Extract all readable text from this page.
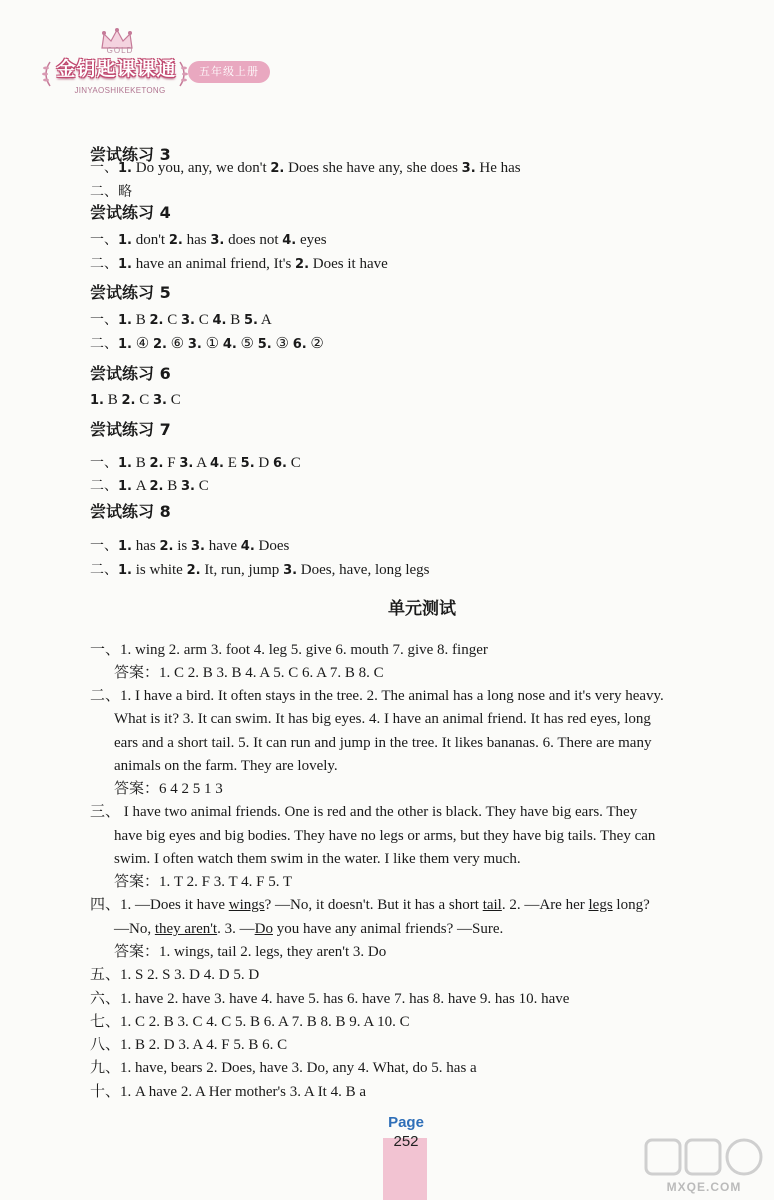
GOLD
金钥匙课课通
JINYAOSHIKEKETONG
五年级上册
尝试练习 3
一、1. Do you, any, we don't 2. Does she have any, she does 3. He has
二、略
尝试练习 4
一、1. don't 2. has 3. does not 4. eyes
二、1. have an animal friend, It's 2. Does it have
尝试练习 5
一、1. B 2. C 3. C 4. B 5. A
二、1. ④ 2. ⑥ 3. ① 4. ⑤ 5. ③ 6. ②
尝试练习 6
1. B 2. C 3. C
尝试练习 7
一、1. B 2. F 3. A 4. E 5. D 6. C
二、1. A 2. B 3. C
尝试练习 8
一、1. has 2. is 3. have 4. Does
二、1. is white 2. It, run, jump 3. Does, have, long legs
单元测试
一、1. wing 2. arm 3. foot 4. leg 5. give 6. mouth 7. give 8. finger
答案：1. C 2. B 3. B 4. A 5. C 6. A 7. B 8. C
二、1. I have a bird. It often stays in the tree. 2. The animal has a long nose and it's very heavy.
What is it? 3. It can swim. It has big eyes. 4. I have an animal friend. It has red eyes, long
ears and a short tail. 5. It can run and jump in the tree. It likes bananas. 6. There are many
animals on the farm. They are lovely.
答案：6 4 2 5 1 3
三、 I have two animal friends. One is red and the other is black. They have big ears. They
have big eyes and big bodies. They have no legs or arms, but they have big tails. They can
swim. I often watch them swim in the water. I like them very much.
答案：1. T 2. F 3. T 4. F 5. T
四、1. —Does it have wings? —No, it doesn't. But it has a short tail. 2. —Are her legs long?
—No, they aren't. 3. —Do you have any animal friends? —Sure.
答案：1. wings, tail 2. legs, they aren't 3. Do
五、1. S 2. S 3. D 4. D 5. D
六、1. have 2. have 3. have 4. have 5. has 6. have 7. has 8. have 9. has 10. have
七、1. C 2. B 3. C 4. C 5. B 6. A 7. B 8. B 9. A 10. C
八、1. B 2. D 3. A 4. F 5. B 6. C
九、1. have, bears 2. Does, have 3. Do, any 4. What, do 5. has a
十、1. A have 2. A Her mother's 3. A It 4. B a
Page
252
MXQE.COM
